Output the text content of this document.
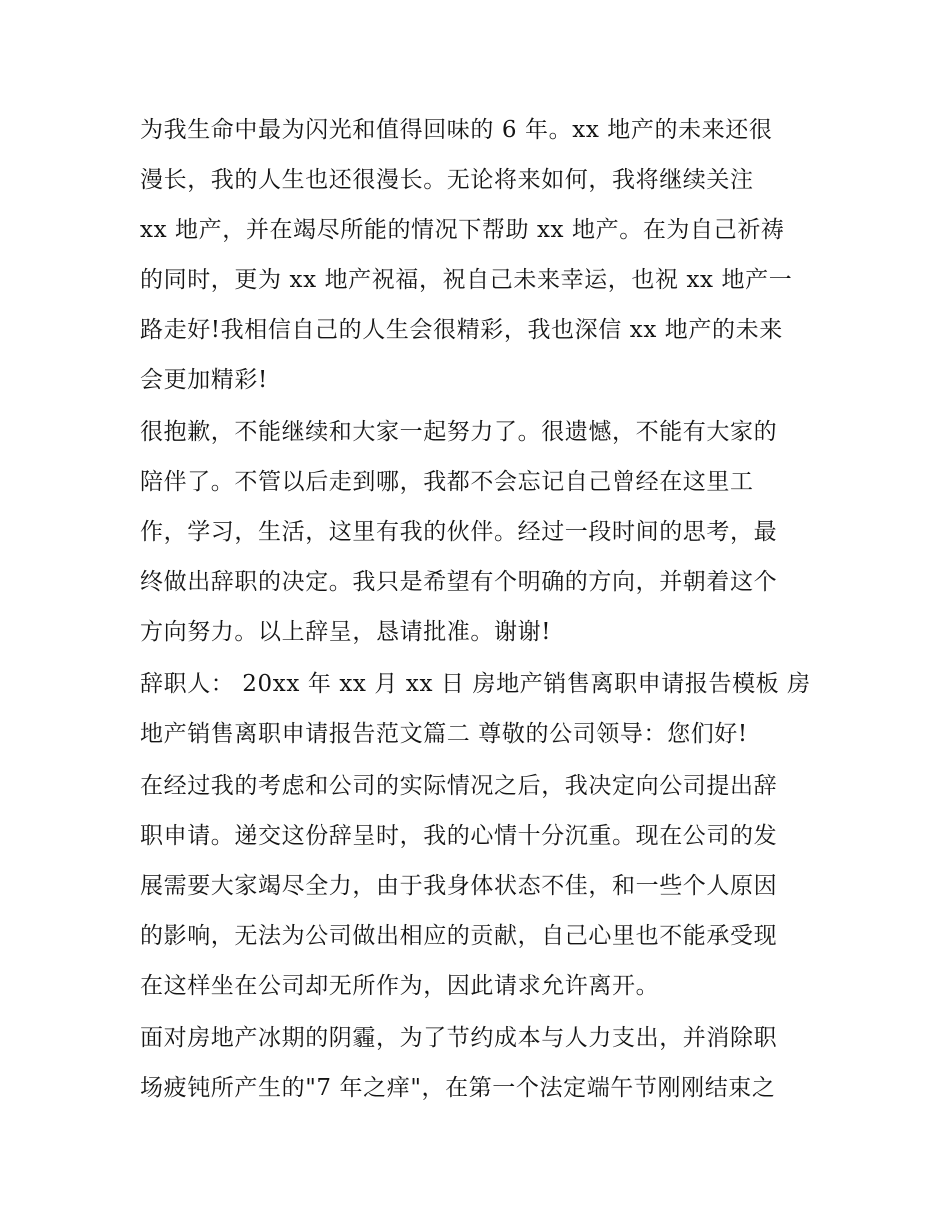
为我生命中最为闪光和值得回味的 6 年。xx 地产的未来还很
漫长，我的人生也还很漫长。无论将来如何，我将继续关注
xx 地产，并在竭尽所能的情况下帮助 xx 地产。在为自己祈祷
的同时，更为 xx 地产祝福，祝自己未来幸运，也祝 xx 地产一
路走好!我相信自己的人生会很精彩，我也深信 xx 地产的未来
会更加精彩!
很抱歉，不能继续和大家一起努力了。很遗憾，不能有大家的
陪伴了。不管以后走到哪，我都不会忘记自己曾经在这里工
作，学习，生活，这里有我的伙伴。经过一段时间的思考，最
终做出辞职的决定。我只是希望有个明确的方向，并朝着这个
方向努力。以上辞呈，恳请批准。谢谢!
辞职人： 20xx 年 xx 月 xx 日 房地产销售离职申请报告模板 房
地产销售离职申请报告范文篇二 尊敬的公司领导：您们好!
在经过我的考虑和公司的实际情况之后，我决定向公司提出辞
职申请。递交这份辞呈时，我的心情十分沉重。现在公司的发
展需要大家竭尽全力，由于我身体状态不佳，和一些个人原因
的影响，无法为公司做出相应的贡献，自己心里也不能承受现
在这样坐在公司却无所作为，因此请求允许离开。
面对房地产冰期的阴霾，为了节约成本与人力支出，并消除职
场疲钝所产生的"7 年之痒"，在第一个法定端午节刚刚结束之
